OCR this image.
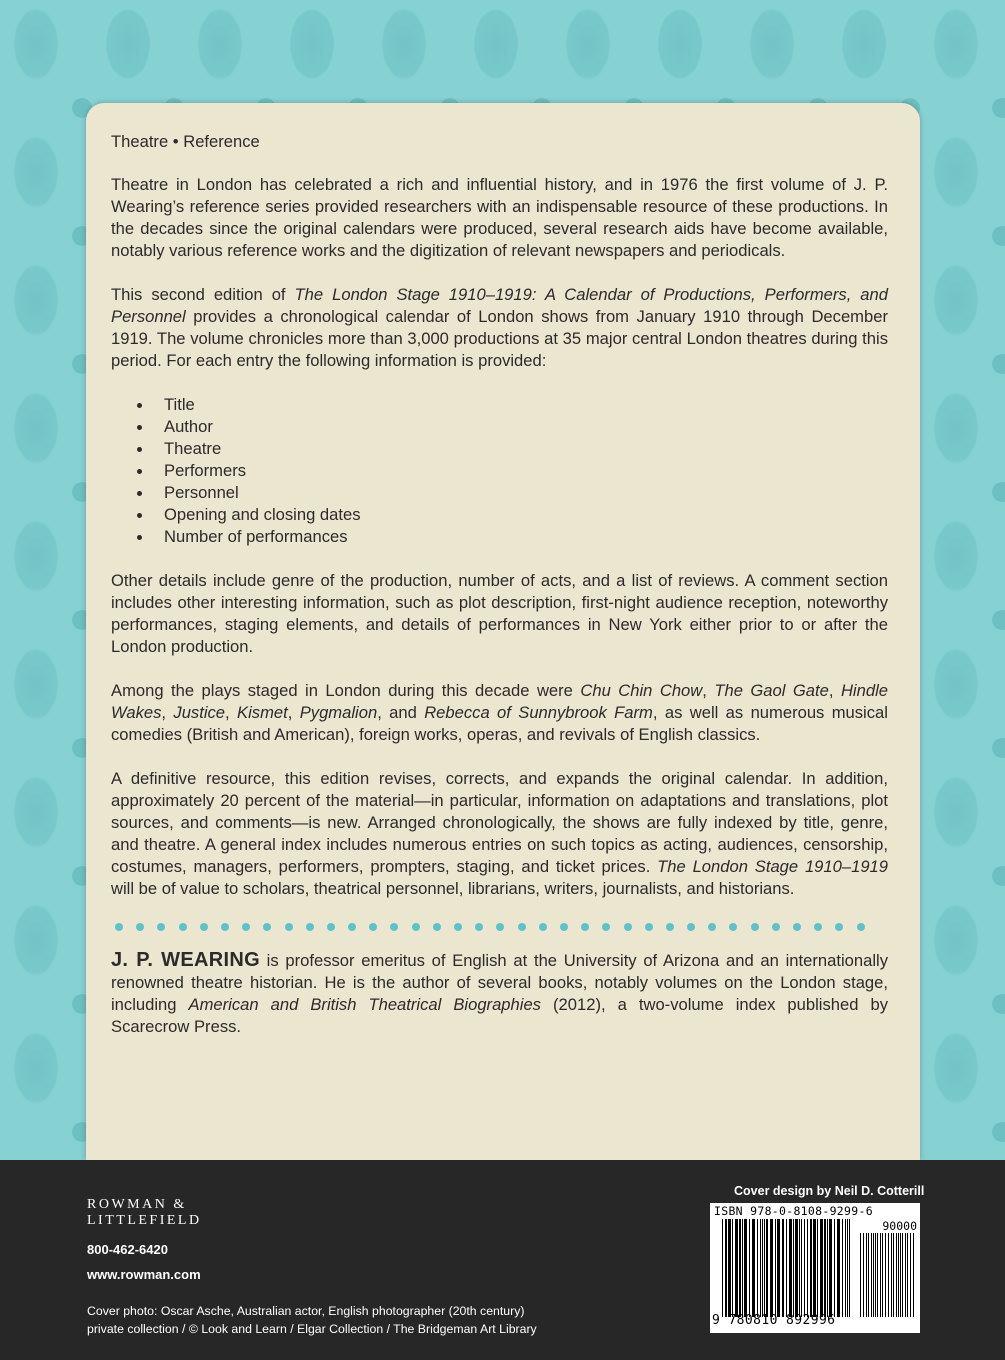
Theatre • Reference

Theatre in London has celebrated a rich and influential history, and in 1976 the first volume of J. P. Wearing’s reference series provided researchers with an indispensable resource of these productions. In the decades since the original calendars were produced, several research aids have become available, notably various reference works and the digitization of relevant newspapers and periodicals.

This second edition of The London Stage 1910–1919: A Calendar of Productions, Performers, and Personnel provides a chronological calendar of London shows from January 1910 through December 1919. The volume chronicles more than 3,000 productions at 35 major central London theatres during this period. For each entry the following information is provided:

Title
Author
Theatre
Performers
Personnel
Opening and closing dates
Number of performances

Other details include genre of the production, number of acts, and a list of reviews. A comment section includes other interesting information, such as plot description, first-night audience reception, noteworthy performances, staging elements, and details of performances in New York either prior to or after the London production.

Among the plays staged in London during this decade were Chu Chin Chow, The Gaol Gate, Hindle Wakes, Justice, Kismet, Pygmalion, and Rebecca of Sunnybrook Farm, as well as numerous musical comedies (British and American), foreign works, operas, and revivals of English classics.

A definitive resource, this edition revises, corrects, and expands the original calendar. In addition, approximately 20 percent of the material—in particular, information on adaptations and translations, plot sources, and comments—is new. Arranged chronologically, the shows are fully indexed by title, genre, and theatre. A general index includes numerous entries on such topics as acting, audiences, censorship, costumes, managers, performers, prompters, staging, and ticket prices. The London Stage 1910–1919 will be of value to scholars, theatrical personnel, librarians, writers, journalists, and historians.

J. P. WEARING is professor emeritus of English at the University of Arizona and an internationally renowned theatre historian. He is the author of several books, notably volumes on the London stage, including American and British Theatrical Biographies (2012), a two-volume index published by Scarecrow Press.

ROWMAN &
LITTLEFIELD
800-462-6420
www.rowman.com
Cover photo: Oscar Asche, Australian actor, English photographer (20th century)
private collection / © Look and Learn / Elgar Collection / The Bridgeman Art Library
Cover design by Neil D. Cotterill
ISBN 978-0-8108-9299-6
90000
9 780810 892996
